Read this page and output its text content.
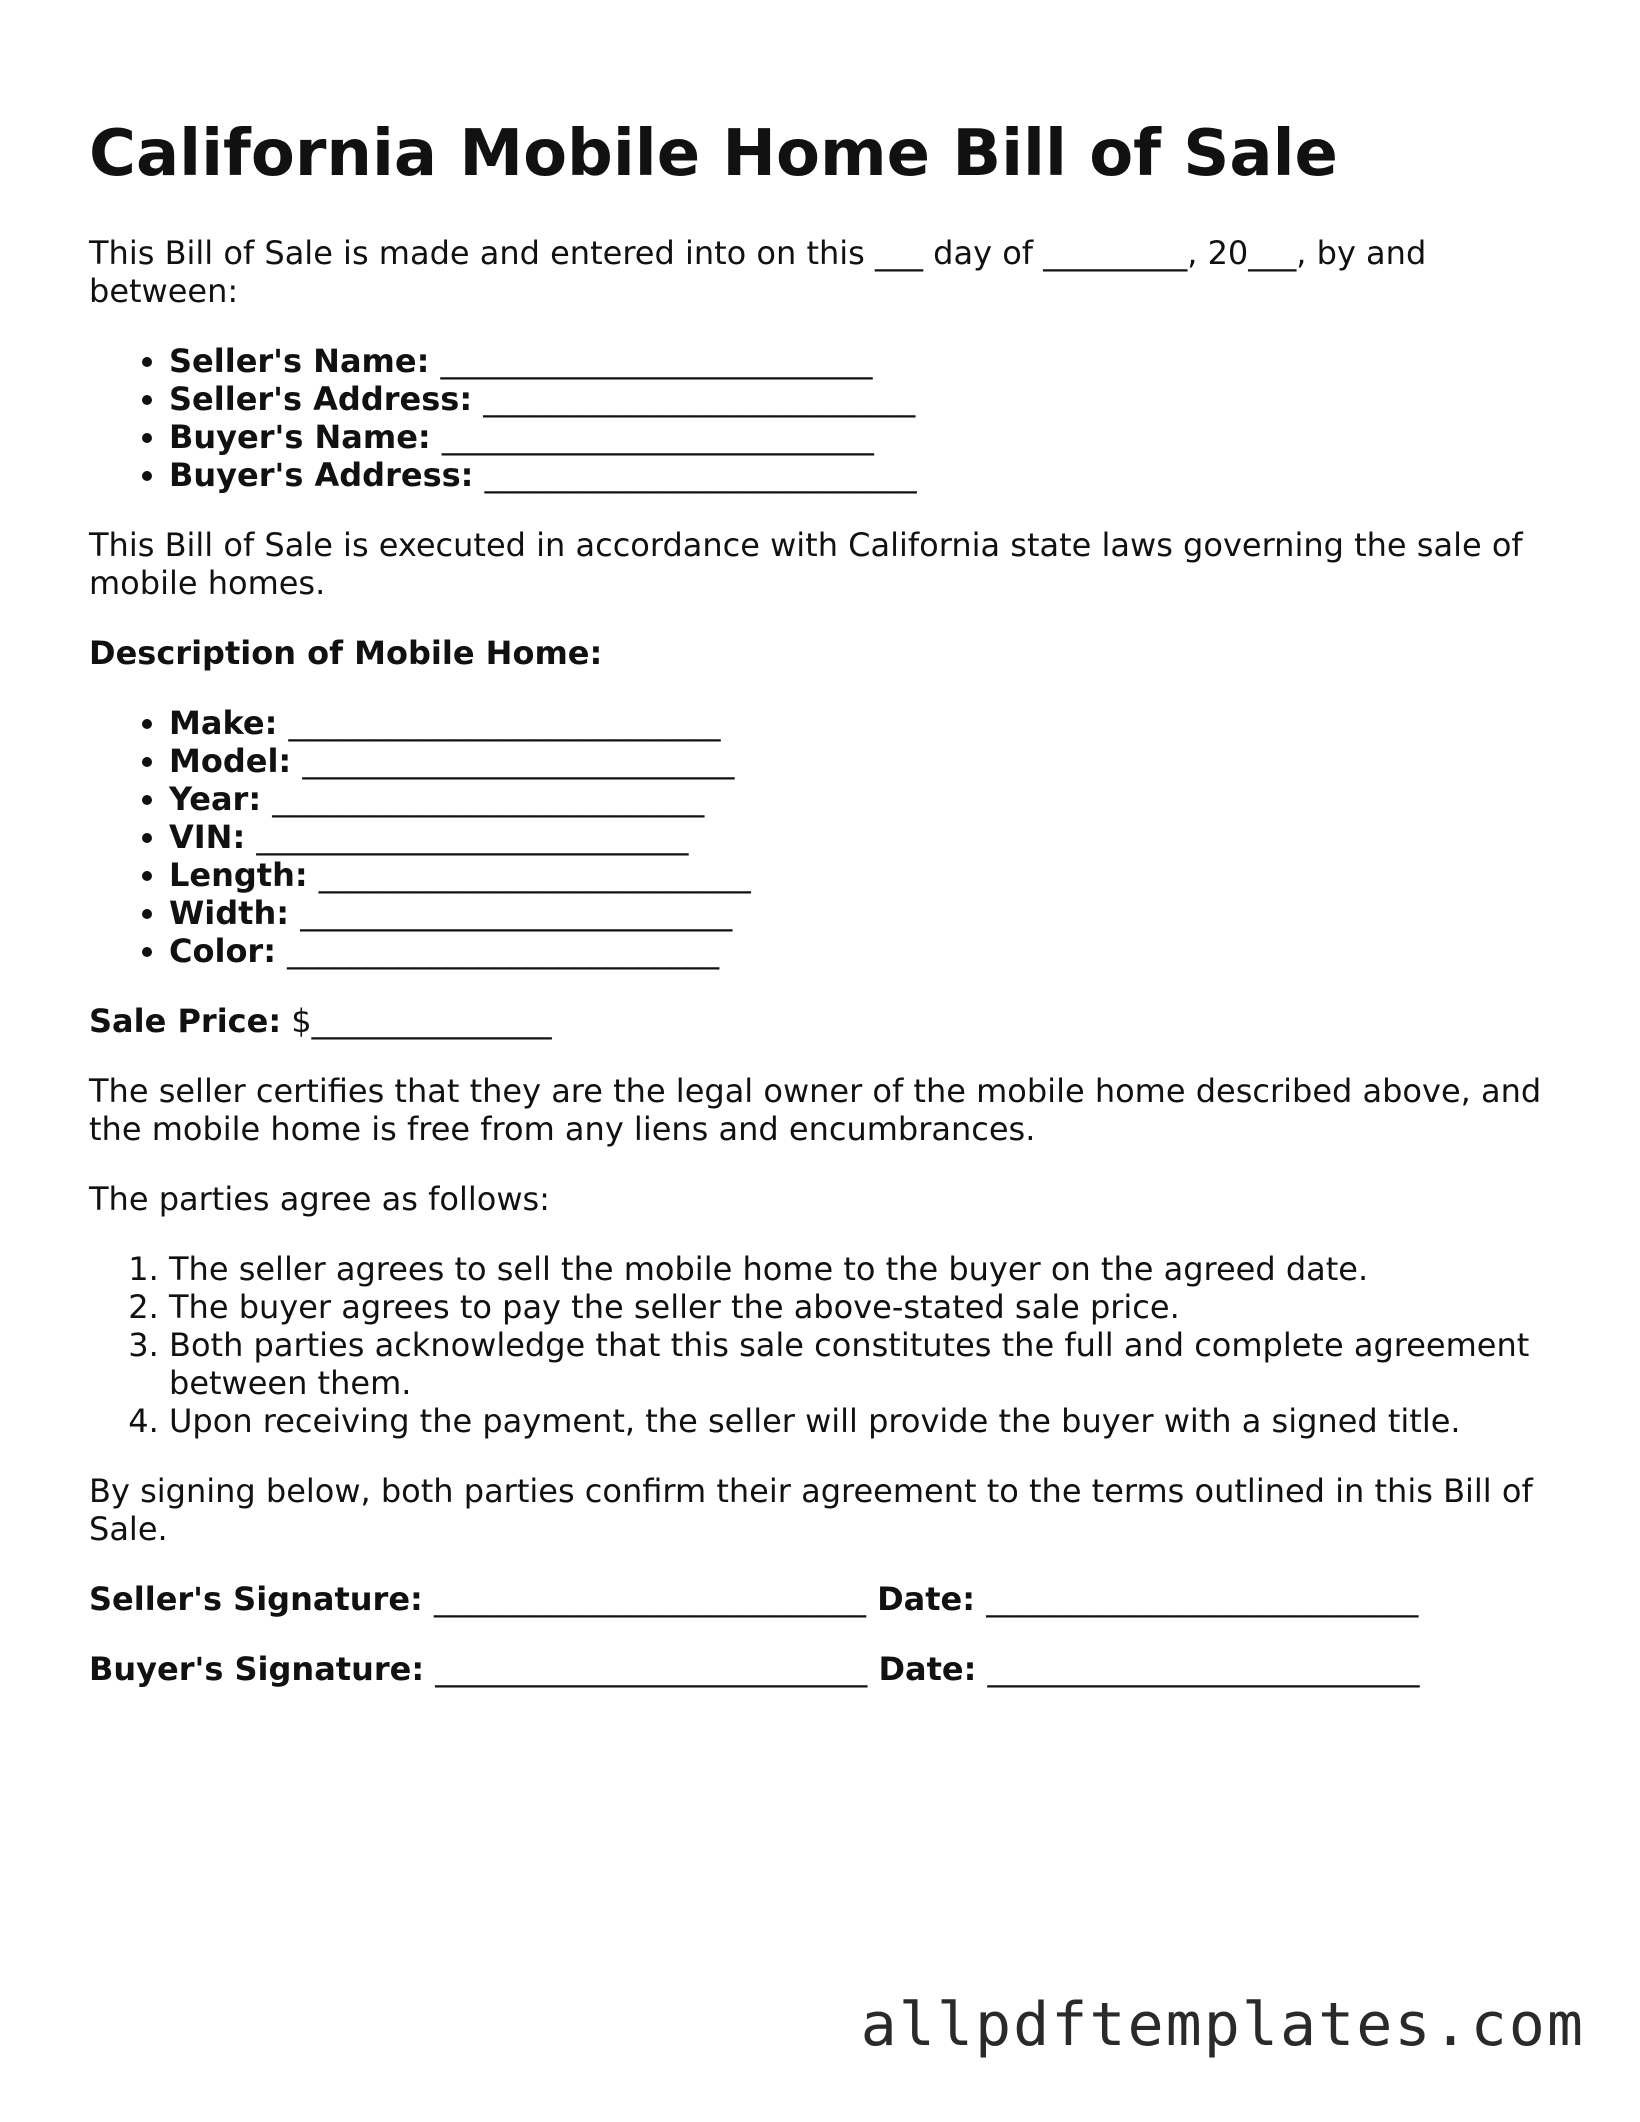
California Mobile Home Bill of Sale

This Bill of Sale is made and entered into on this ___ day of _________, 20___, by and between:

• Seller's Name: ___________________________
• Seller's Address: ___________________________
• Buyer's Name: ___________________________
• Buyer's Address: ___________________________

This Bill of Sale is executed in accordance with California state laws governing the sale of mobile homes.

Description of Mobile Home:

• Make: ___________________________
• Model: ___________________________
• Year: ___________________________
• VIN: ___________________________
• Length: ___________________________
• Width: ___________________________
• Color: ___________________________

Sale Price: $_______________

The seller certifies that they are the legal owner of the mobile home described above, and the mobile home is free from any liens and encumbrances.

The parties agree as follows:

1. The seller agrees to sell the mobile home to the buyer on the agreed date.
2. The buyer agrees to pay the seller the above-stated sale price.
3. Both parties acknowledge that this sale constitutes the full and complete agreement between them.
4. Upon receiving the payment, the seller will provide the buyer with a signed title.

By signing below, both parties confirm their agreement to the terms outlined in this Bill of Sale.

Seller's Signature: ___________________________ Date: ___________________________

Buyer's Signature: ___________________________ Date: ___________________________

allpdftemplates.com
